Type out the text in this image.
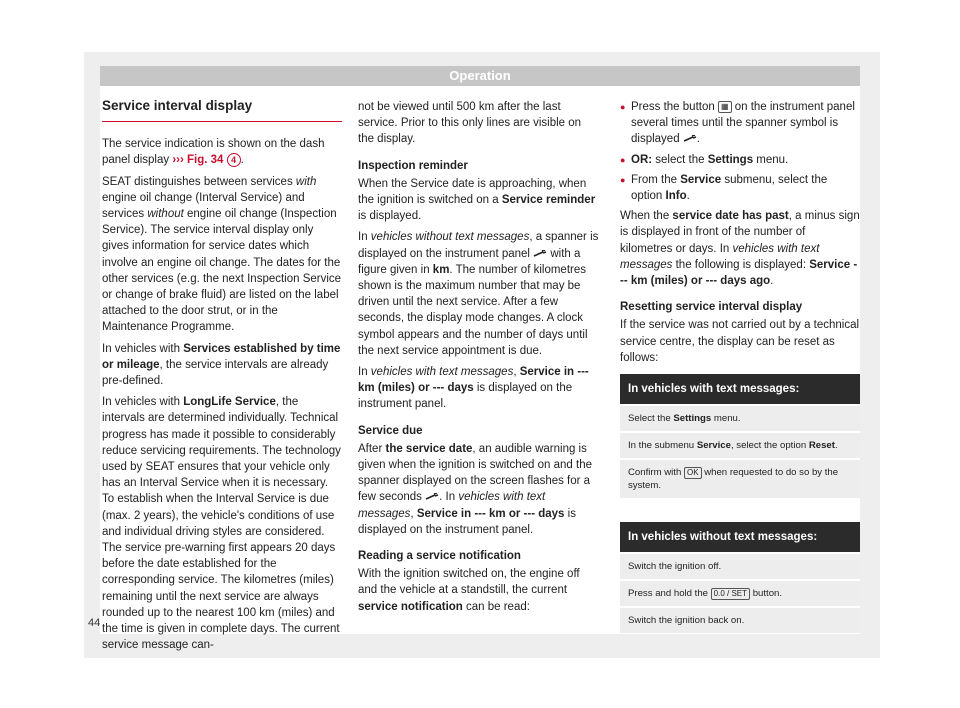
Operation
Service interval display

The service indication is shown on the dash panel display ››› Fig. 34 4 .

SEAT distinguishes between services with engine oil change (Interval Service) and services without engine oil change (Inspection Service). The service interval display only gives information for service dates which involve an engine oil change. The dates for the other services (e.g. the next Inspection Service or change of brake fluid) are listed on the label attached to the door strut, or in the Maintenance Programme.

In vehicles with Services established by time or mileage, the service intervals are already pre-defined.

In vehicles with LongLife Service, the intervals are determined individually. Technical progress has made it possible to considerably reduce servicing requirements. The technology used by SEAT ensures that your vehicle only has an Interval Service when it is necessary. To establish when the Interval Service is due (max. 2 years), the vehicle's conditions of use and individual driving styles are considered. The service pre-warning first appears 20 days before the date established for the corresponding service. The kilometres (miles) remaining until the next service are always rounded up to the nearest 100 km (miles) and the time is given in complete days. The current service message can-

not be viewed until 500 km after the last service. Prior to this only lines are visible on the display.

Inspection reminder

When the Service date is approaching, when the ignition is switched on a Service reminder is displayed.

In vehicles without text messages, a spanner is displayed on the instrument panel  with a figure given in km. The number of kilometres shown is the maximum number that may be driven until the next service. After a few seconds, the display mode changes. A clock symbol appears and the number of days until the next service appointment is due.

In vehicles with text messages, Service in --- km (miles) or --- days is displayed on the instrument panel.

Service due

After the service date, an audible warning is given when the ignition is switched on and the spanner displayed on the screen flashes for a few seconds . In vehicles with text messages, Service in --- km or --- days is displayed on the instrument panel.

Reading a service notification

With the ignition switched on, the engine off and the vehicle at a standstill, the current service notification can be read:

● Press the button ▦ on the instrument panel several times until the spanner symbol is displayed .
● OR: select the Settings menu.
● From the Service submenu, select the option Info.

When the service date has past, a minus sign is displayed in front of the number of kilometres or days. In vehicles with text messages the following is displayed: Service --- km (miles) or --- days ago.

Resetting service interval display

If the service was not carried out by a technical service centre, the display can be reset as follows:

In vehicles with text messages:
Select the Settings menu.
In the submenu Service, select the option Reset.
Confirm with OK when requested to do so by the system.
In vehicles without text messages:
Switch the ignition off.
Press and hold the 0.0 / SET button.
Switch the ignition back on.
44
